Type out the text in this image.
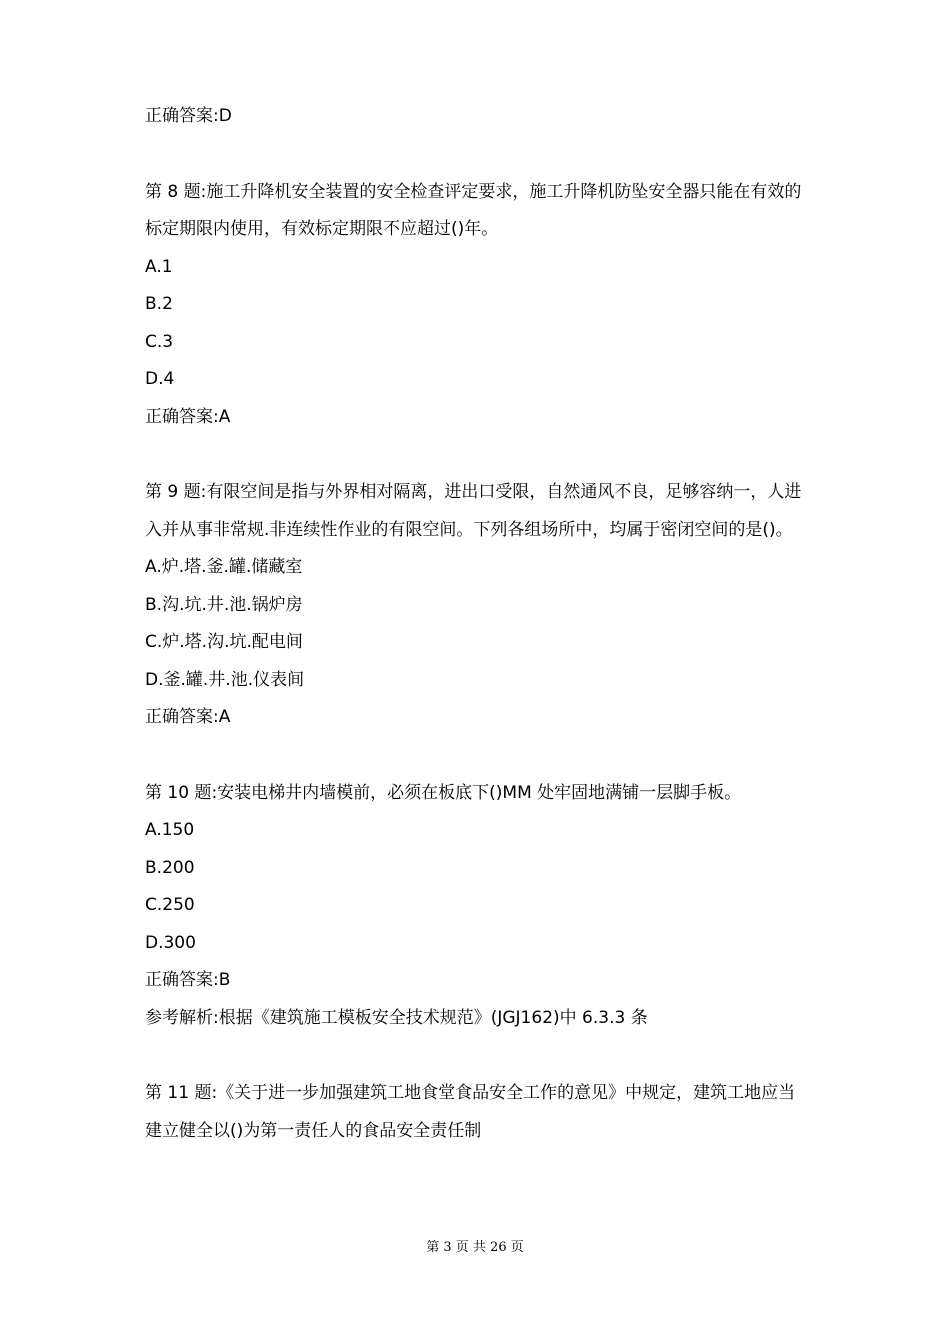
正确答案:D
第 8 题:施工升降机安全装置的安全检查评定要求，施工升降机防坠安全器只能在有效的标定期限内使用，有效标定期限不应超过()年。
A.1
B.2
C.3
D.4
正确答案:A
第 9 题:有限空间是指与外界相对隔离，进出口受限，自然通风不良，足够容纳一，人进入并从事非常规.非连续性作业的有限空间。下列各组场所中，均属于密闭空间的是()。
A.炉.塔.釜.罐.储藏室
B.沟.坑.井.池.锅炉房
C.炉.塔.沟.坑.配电间
D.釜.罐.井.池.仪表间
正确答案:A
第 10 题:安装电梯井内墙模前，必须在板底下()MM 处牢固地满铺一层脚手板。
A.150
B.200
C.250
D.300
正确答案:B
参考解析:根据《建筑施工模板安全技术规范》(JGJ162)中 6.3.3 条
第 11 题:《关于进一步加强建筑工地食堂食品安全工作的意见》中规定，建筑工地应当建立健全以()为第一责任人的食品安全责任制
第 3 页 共 26 页
